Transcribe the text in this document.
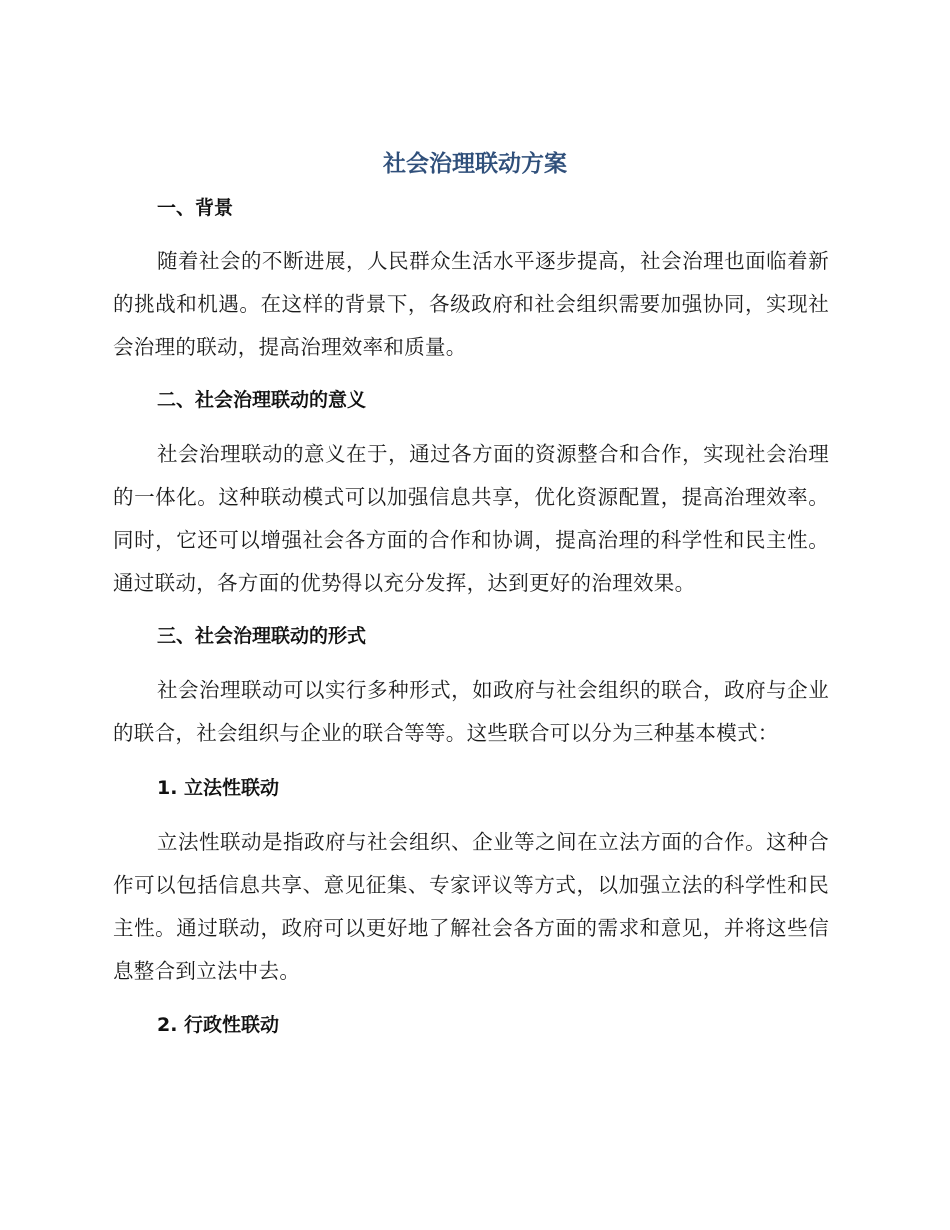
社会治理联动方案
一、背景

随着社会的不断进展，人民群众生活水平逐步提高，社会治理也面临着新的挑战和机遇。在这样的背景下，各级政府和社会组织需要加强协同，实现社会治理的联动，提高治理效率和质量。

二、社会治理联动的意义

社会治理联动的意义在于，通过各方面的资源整合和合作，实现社会治理的一体化。这种联动模式可以加强信息共享，优化资源配置，提高治理效率。同时，它还可以增强社会各方面的合作和协调，提高治理的科学性和民主性。通过联动，各方面的优势得以充分发挥，达到更好的治理效果。

三、社会治理联动的形式

社会治理联动可以实行多种形式，如政府与社会组织的联合，政府与企业的联合，社会组织与企业的联合等等。这些联合可以分为三种基本模式：

1. 立法性联动

立法性联动是指政府与社会组织、企业等之间在立法方面的合作。这种合作可以包括信息共享、意见征集、专家评议等方式，以加强立法的科学性和民主性。通过联动，政府可以更好地了解社会各方面的需求和意见，并将这些信息整合到立法中去。

2. 行政性联动
